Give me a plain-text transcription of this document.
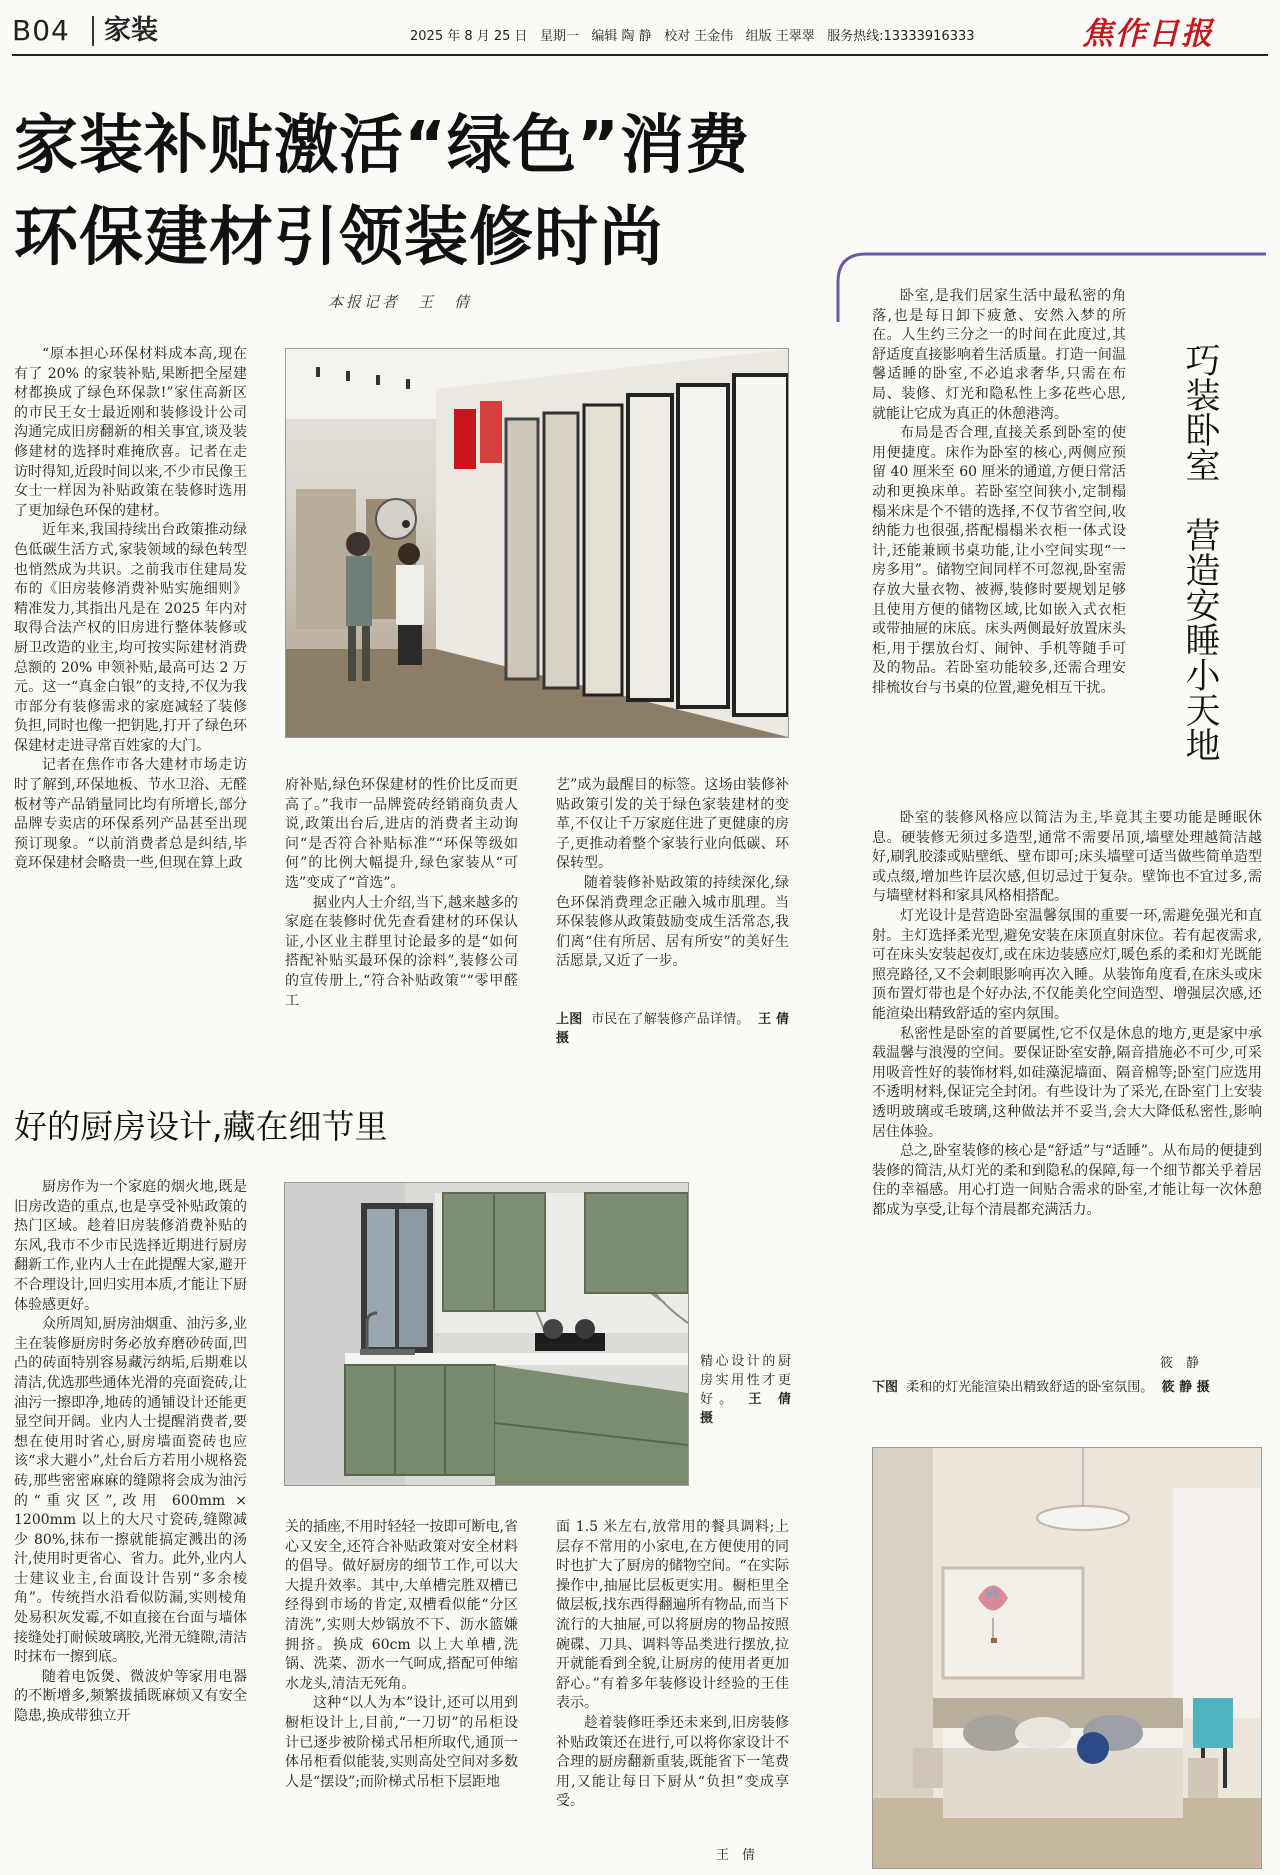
B04 家装	2025 年 8 月 25 日 星期一 编辑 陶 静 校对 王金伟 组版 王翠翠 服务热线:13333916333	焦作日报
家装补贴激活“绿色”消费
环保建材引领装修时尚
本报记者　王　倩

“原本担心环保材料成本高,现在有了 20% 的家装补贴,果断把全屋建材都换成了绿色环保款!”家住高新区的市民王女士最近刚和装修设计公司沟通完成旧房翻新的相关事宜,谈及装修建材的选择时难掩欣喜。记者在走访时得知,近段时间以来,不少市民像王女士一样因为补贴政策在装修时选用了更加绿色环保的建材。

近年来,我国持续出台政策推动绿色低碳生活方式,家装领域的绿色转型也悄然成为共识。之前我市住建局发布的《旧房装修消费补贴实施细则》精准发力,其指出凡是在 2025 年内对取得合法产权的旧房进行整体装修或厨卫改造的业主,均可按实际建材消费总额的 20% 申领补贴,最高可达 2 万元。这一“真金白银”的支持,不仅为我市部分有装修需求的家庭减轻了装修负担,同时也像一把钥匙,打开了绿色环保建材走进寻常百姓家的大门。

记者在焦作市各大建材市场走访时了解到,环保地板、节水卫浴、无醛板材等产品销量同比均有所增长,部分品牌专卖店的环保系列产品甚至出现预订现象。“以前消费者总是纠结,毕竟环保建材会略贵一些,但现在算上政

府补贴,绿色环保建材的性价比反而更高了。”我市一品牌瓷砖经销商负责人说,政策出台后,进店的消费者主动询问“是否符合补贴标准”“环保等级如何”的比例大幅提升,绿色家装从“可选”变成了“首选”。

据业内人士介绍,当下,越来越多的家庭在装修时优先查看建材的环保认证,小区业主群里讨论最多的是“如何搭配补贴买最环保的涂料”,装修公司的宣传册上,“符合补贴政策”“零甲醛工

艺”成为最醒目的标签。这场由装修补贴政策引发的关于绿色家装建材的变革,不仅让千万家庭住进了更健康的房子,更推动着整个家装行业向低碳、环保转型。

随着装修补贴政策的持续深化,绿色环保消费理念正融入城市肌理。当环保装修从政策鼓励变成生活常态,我们离“住有所居、居有所安”的美好生活愿景,又近了一步。

上图 市民在了解装修产品详情。 王 倩 摄
好的厨房设计,藏在细节里

厨房作为一个家庭的烟火地,既是旧房改造的重点,也是享受补贴政策的热门区域。趁着旧房装修消费补贴的东风,我市不少市民选择近期进行厨房翻新工作,业内人士在此提醒大家,避开不合理设计,回归实用本质,才能让下厨体验感更好。

众所周知,厨房油烟重、油污多,业主在装修厨房时务必放弃磨砂砖面,凹凸的砖面特别容易藏污纳垢,后期难以清洁,优选那些通体光滑的亮面瓷砖,让油污一擦即净,地砖的通铺设计还能更显空间开阔。业内人士提醒消费者,要想在使用时省心,厨房墙面瓷砖也应该“求大避小”,灶台后方若用小规格瓷砖,那些密密麻麻的缝隙将会成为油污的“重灾区”,改用 600mm × 1200mm 以上的大尺寸瓷砖,缝隙减少 80%,抹布一擦就能搞定溅出的汤汁,使用时更省心、省力。此外,业内人士建议业主,台面设计告别“多余棱角”。传统挡水沿看似防漏,实则棱角处易积灰发霉,不如直接在台面与墙体接缝处打耐候玻璃胶,光滑无缝隙,清洁时抹布一擦到底。

随着电饭煲、微波炉等家用电器的不断增多,频繁拔插既麻烦又有安全隐患,换成带独立开

精心设计的厨房实用性才更好。 王 倩 摄

关的插座,不用时轻轻一按即可断电,省心又安全,还符合补贴政策对安全材料的倡导。做好厨房的细节工作,可以大大提升效率。其中,大单槽完胜双槽已经得到市场的肯定,双槽看似能“分区清洗”,实则大炒锅放不下、沥水篮嫌拥挤。换成 60cm 以上大单槽,洗锅、洗菜、沥水一气呵成,搭配可伸缩水龙头,清洁无死角。

这种“以人为本”设计,还可以用到橱柜设计上,目前,“一刀切”的吊柜设计已逐步被阶梯式吊柜所取代,通顶一体吊柜看似能装,实则高处空间对多数人是“摆设”;而阶梯式吊柜下层距地

面 1.5 米左右,放常用的餐具调料;上层存不常用的小家电,在方便使用的同时也扩大了厨房的储物空间。“在实际操作中,抽屉比层板更实用。橱柜里全做层板,找东西得翻遍所有物品,而当下流行的大抽屉,可以将厨房的物品按照碗碟、刀具、调料等品类进行摆放,拉开就能看到全貌,让厨房的使用者更加舒心。”有着多年装修设计经验的王佳表示。

趁着装修旺季还未来到,旧房装修补贴政策还在进行,可以将你家设计不合理的厨房翻新重装,既能省下一笔费用,又能让每日下厨从“负担”变成享受。

王　倩
巧装卧室　营造安睡小天地

卧室,是我们居家生活中最私密的角落,也是每日卸下疲惫、安然入梦的所在。人生约三分之一的时间在此度过,其舒适度直接影响着生活质量。打造一间温馨适睡的卧室,不必追求奢华,只需在布局、装修、灯光和隐私性上多花些心思,就能让它成为真正的休憩港湾。

布局是否合理,直接关系到卧室的使用便捷度。床作为卧室的核心,两侧应预留 40 厘米至 60 厘米的通道,方便日常活动和更换床单。若卧室空间狭小,定制榻榻米床是个不错的选择,不仅节省空间,收纳能力也很强,搭配榻榻米衣柜一体式设计,还能兼顾书桌功能,让小空间实现“一房多用”。储物空间同样不可忽视,卧室需存放大量衣物、被褥,装修时要规划足够且使用方便的储物区域,比如嵌入式衣柜或带抽屉的床底。床头两侧最好放置床头柜,用于摆放台灯、闹钟、手机等随手可及的物品。若卧室功能较多,还需合理安排梳妆台与书桌的位置,避免相互干扰。

卧室的装修风格应以简洁为主,毕竟其主要功能是睡眠休息。硬装修无须过多造型,通常不需要吊顶,墙壁处理越简洁越好,刷乳胶漆或贴壁纸、壁布即可;床头墙壁可适当做些简单造型或点缀,增加些许层次感,但切忌过于复杂。壁饰也不宜过多,需与墙壁材料和家具风格相搭配。

灯光设计是营造卧室温馨氛围的重要一环,需避免强光和直射。主灯选择柔光型,避免安装在床顶直射床位。若有起夜需求,可在床头安装起夜灯,或在床边装感应灯,暖色系的柔和灯光既能照亮路径,又不会刺眼影响再次入睡。从装饰角度看,在床头或床顶布置灯带也是个好办法,不仅能美化空间造型、增强层次感,还能渲染出精致舒适的室内氛围。

私密性是卧室的首要属性,它不仅是休息的地方,更是家中承载温馨与浪漫的空间。要保证卧室安静,隔音措施必不可少,可采用吸音性好的装饰材料,如硅藻泥墙面、隔音棉等;卧室门应选用不透明材料,保证完全封闭。有些设计为了采光,在卧室门上安装透明玻璃或毛玻璃,这种做法并不妥当,会大大降低私密性,影响居住体验。

总之,卧室装修的核心是“舒适”与“适睡”。从布局的便捷到装修的简洁,从灯光的柔和到隐私的保障,每一个细节都关乎着居住的幸福感。用心打造一间贴合需求的卧室,才能让每一次休憩都成为享受,让每个清晨都充满活力。

筱　静
下图 柔和的灯光能渲染出精致舒适的卧室氛围。 筱 静 摄
